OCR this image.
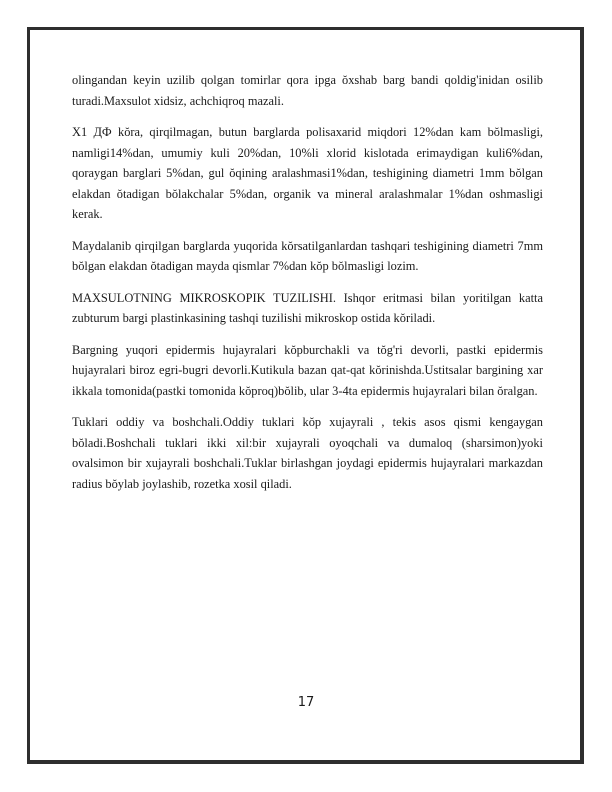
olingandan keyin uzilib qolgan tomirlar qora ipga ŏxshab barg bandi qoldig'inidan osilib turadi.Maxsulot xidsiz, achchiqroq mazali.

Х1 ДФ kŏra, qirqilmagan, butun barglarda polisaxarid miqdori 12%dan kam bŏlmasligi, namligi14%dan, umumiy kuli 20%dan, 10%li xlorid kislotada erimaydigan kuli6%dan, qoraygan barglari 5%dan, gul ŏqining aralashmasi1%dan, teshigining diametri 1mm bŏlgan elakdan ŏtadigan bŏlakchalar 5%dan, organik va mineral aralashmalar 1%dan oshmasligi kerak.

Maydalanib qirqilgan barglarda yuqorida kŏrsatilganlardan tashqari teshigining diametri 7mm bŏlgan elakdan ŏtadigan mayda qismlar 7%dan kŏp bŏlmasligi lozim.

MAXSULOTNING MIKROSKOPIK TUZILISHI. Ishqor eritmasi bilan yoritilgan katta zubturum bargi plastinkasining tashqi tuzilishi mikroskop ostida kŏriladi.

Bargning yuqori epidermis hujayralari kŏpburchakli va tŏg'ri devorli, pastki epidermis hujayralari biroz egri-bugri devorli.Kutikula bazan qat-qat kŏrinishda.Ustitsalar bargining xar ikkala tomonida(pastki tomonida kŏproq)bŏlib, ular 3-4ta epidermis hujayralari bilan ŏralgan.

Tuklari oddiy va boshchali.Oddiy tuklari kŏp xujayrali , tekis asos qismi kengaygan bŏladi.Boshchali tuklari ikki xil:bir xujayrali oyoqchali va dumaloq (sharsimon)yoki ovalsimon bir xujayrali boshchali.Tuklar birlashgan joydagi epidermis hujayralari markazdan radius bŏylab joylashib, rozetka xosil qiladi.

17
